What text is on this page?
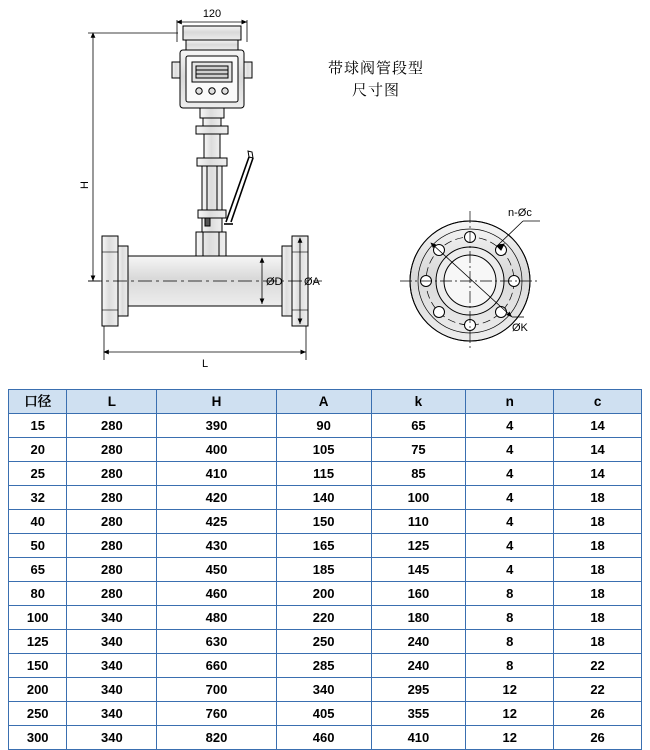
120
H
L
ØD ØA
n-Øc
ØK
带球阀管段型
尺寸图
口径	L	H	A	k	n	c
15	280	390	90	65	4	14
20	280	400	105	75	4	14
25	280	410	115	85	4	14
32	280	420	140	100	4	18
40	280	425	150	110	4	18
50	280	430	165	125	4	18
65	280	450	185	145	4	18
80	280	460	200	160	8	18
100	340	480	220	180	8	18
125	340	630	250	240	8	18
150	340	660	285	240	8	22
200	340	700	340	295	12	22
250	340	760	405	355	12	26
300	340	820	460	410	12	26
